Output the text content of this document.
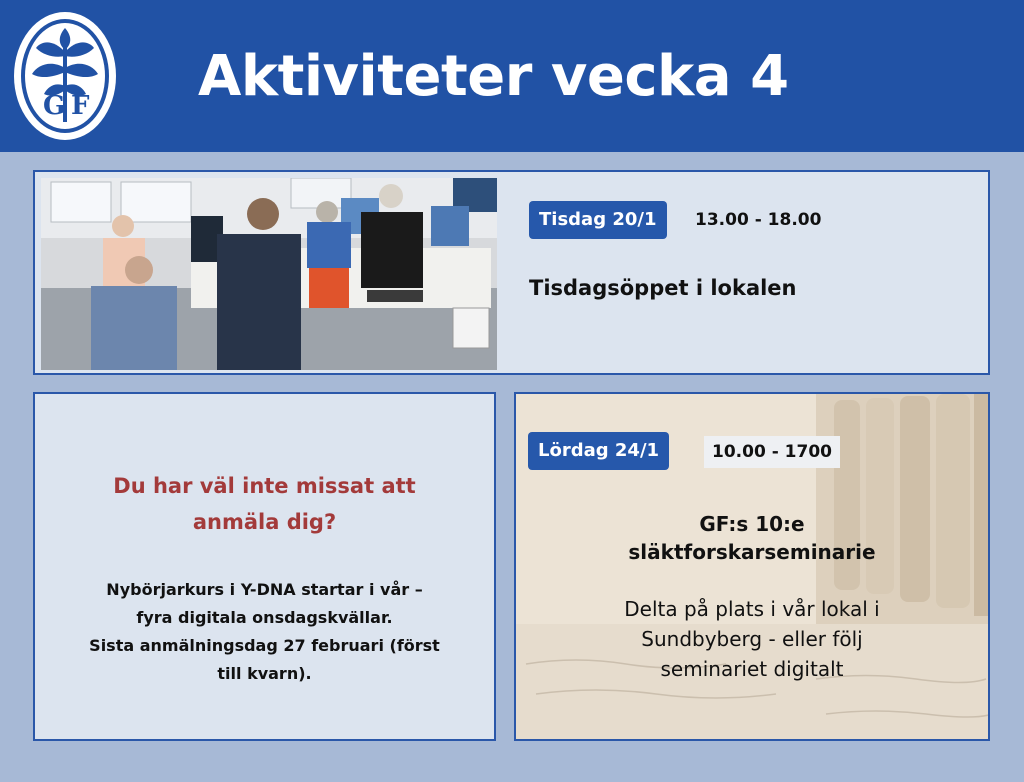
G F Aktiviteter vecka 4
Tisdag 20/1	13.00 - 18.00
Tisdagsöppet i lokalen
Du har väl inte missat att
anmäla dig?
Nybörjarkurs i Y-DNA startar i vår –
fyra digitala onsdagskvällar.
Sista anmälningsdag 27 februari (först
till kvarn).
Lördag 24/1	10.00 - 1700
GF:s 10:e
släktforskarseminarie
Delta på plats i vår lokal i
Sundbyberg - eller följ
seminariet digitalt
